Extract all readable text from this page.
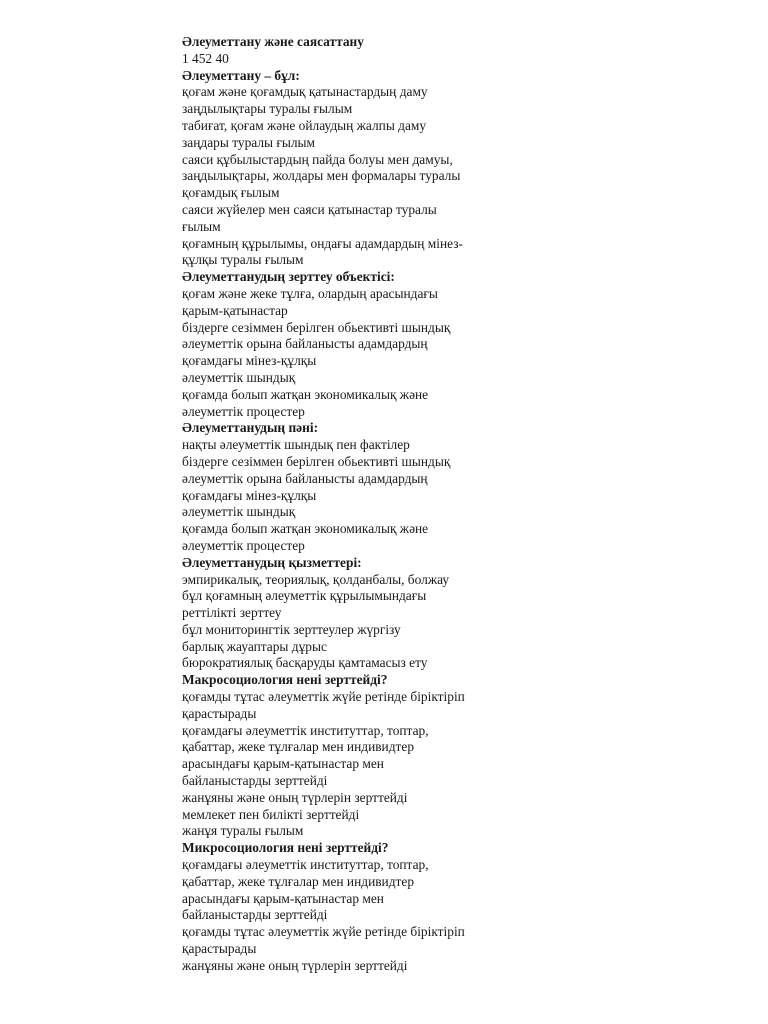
Әлеуметтану және саясаттану
1 452 40
Әлеуметтану – бұл:
қоғам және қоғамдық қатынастардың даму
заңдылықтары туралы ғылым
табиғат, қоғам және ойлаудың жалпы даму
заңдары туралы ғылым
саяси құбылыстардың пайда болуы мен дамуы,
заңдылықтары, жолдары мен формалары туралы
қоғамдық ғылым
саяси жүйелер мен саяси қатынастар туралы
ғылым
қоғамның құрылымы, ондағы адамдардың мінез-
құлқы туралы ғылым
Әлеуметтанудың зерттеу объектісі:
қоғам және жеке тұлға, олардың арасындағы
қарым-қатынастар
біздерге сезіммен берілген обьективті шындық
әлеуметтік орына байланысты адамдардың
қоғамдағы мінез-құлқы
әлеуметтік шындық
қоғамда болып жатқан экономикалық және
әлеуметтік процестер
Әлеуметтанудың пәні:
нақты әлеуметтік шындық пен фактілер
біздерге сезіммен берілген обьективті шындық
әлеуметтік орына байланысты адамдардың
қоғамдағы мінез-құлқы
әлеуметтік шындық
қоғамда болып жатқан экономикалық және
әлеуметтік процестер
Әлеуметтанудың қызметтері:
эмпирикалық, теориялық, қолданбалы, болжау
бұл қоғамның әлеуметтік құрылымындағы
реттілікті зерттеу
бұл мониторингтік зерттеулер жүргізу
барлық жауаптары дұрыс
бюрократиялық басқаруды қамтамасыз ету
Макросоциология нені зерттейді?
қоғамды тұтас әлеуметтік жүйе ретінде біріктіріп
қарастырады
қоғамдағы әлеуметтік институттар, топтар,
қабаттар, жеке тұлғалар мен индивидтер
арасындағы қарым-қатынастар мен
байланыстарды зерттейді
жанұяны және оның түрлерін зерттейді
мемлекет пен билікті зерттейді
жанұя туралы ғылым
Микросоциология нені зерттейді?
қоғамдағы әлеуметтік институттар, топтар,
қабаттар, жеке тұлғалар мен индивидтер
арасындағы қарым-қатынастар мен
байланыстарды зерттейді
қоғамды тұтас әлеуметтік жүйе ретінде біріктіріп
қарастырады
жанұяны және оның түрлерін зерттейді
